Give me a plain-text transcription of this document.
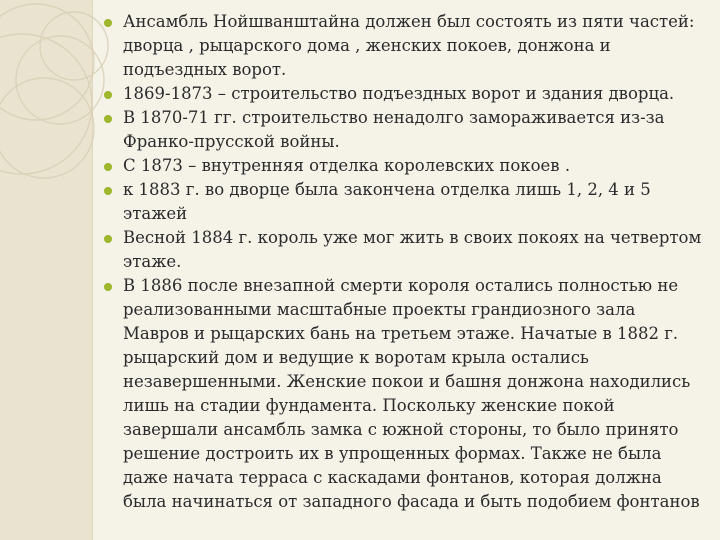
Ансамбль Нойшванштайна должен был состоять из пяти частей: дворца , рыцарского дома , женских покоев, донжона и подъездных ворот.
1869-1873 – строительство подъездных ворот и здания дворца.
В 1870-71 гг. строительство ненадолго замораживается из-за Франко-прусской войны.
С 1873 – внутренняя отделка королевских покоев .
к 1883 г. во дворце была закончена отделка лишь 1, 2, 4 и 5 этажей
Весной 1884 г. король уже мог жить в своих покоях на четвертом этаже.
В 1886 после внезапной смерти короля остались полностью не реализованными масштабные проекты грандиозного зала Мавров и рыцарских бань на третьем этаже. Начатые в 1882 г. рыцарский дом и ведущие к воротам крыла остались незавершенными. Женские покои и башня донжона находились лишь на стадии фундамента. Поскольку женские покой завершали ансамбль замка с южной стороны, то было принято решение достроить их в упрощенных формах. Также не была даже начата терраса с каскадами фонтанов, которая должна была начинаться от западного фасада и быть подобием фонтанов
